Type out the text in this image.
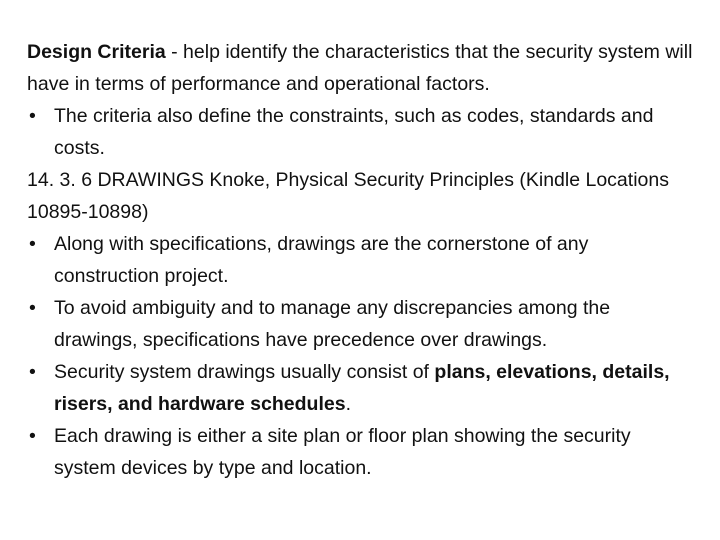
Design Criteria - help identify the characteristics that the security system will have in terms of performance and operational factors.
• The criteria also define the constraints, such as codes, standards and costs.
14. 3. 6 DRAWINGS Knoke, Physical Security Principles (Kindle Locations 10895-10898)
• Along with specifications, drawings are the cornerstone of any construction project.
• To avoid ambiguity and to manage any discrepancies among the drawings, specifications have precedence over drawings.
• Security system drawings usually consist of plans, elevations, details, risers, and hardware schedules.
• Each drawing is either a site plan or floor plan showing the security system devices by type and location.
